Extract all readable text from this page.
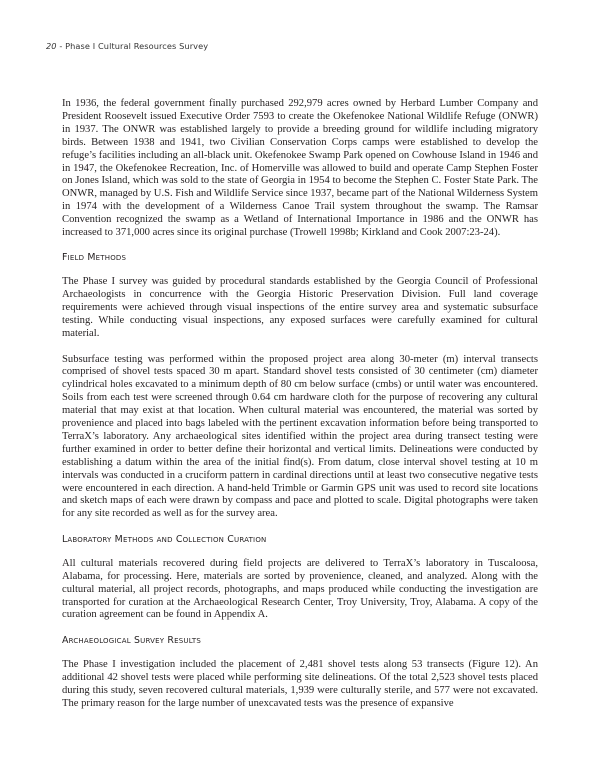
20 - Phase I Cultural Resources Survey

In 1936, the federal government finally purchased 292,979 acres owned by Herbard Lumber Company and President Roosevelt issued Executive Order 7593 to create the Okefenokee National Wildlife Refuge (ONWR) in 1937. The ONWR was established largely to provide a breeding ground for wildlife including migratory birds. Between 1938 and 1941, two Civilian Conservation Corps camps were established to develop the refuge’s facilities including an all-black unit. Okefenokee Swamp Park opened on Cowhouse Island in 1946 and in 1947, the Okefenokee Recreation, Inc. of Homerville was allowed to build and operate Camp Stephen Foster on Jones Island, which was sold to the state of Georgia in 1954 to become the Stephen C. Foster State Park. The ONWR, managed by U.S. Fish and Wildlife Service since 1937, became part of the National Wilderness System in 1974 with the development of a Wilderness Canoe Trail system throughout the swamp. The Ramsar Convention recognized the swamp as a Wetland of International Importance in 1986 and the ONWR has increased to 371,000 acres since its original purchase (Trowell 1998b; Kirkland and Cook 2007:23-24).

Field Methods

The Phase I survey was guided by procedural standards established by the Georgia Council of Professional Archaeologists in concurrence with the Georgia Historic Preservation Division. Full land coverage requirements were achieved through visual inspections of the entire survey area and systematic subsurface testing. While conducting visual inspections, any exposed surfaces were carefully examined for cultural material.

Subsurface testing was performed within the proposed project area along 30-meter (m) interval transects comprised of shovel tests spaced 30 m apart. Standard shovel tests consisted of 30 centimeter (cm) diameter cylindrical holes excavated to a minimum depth of 80 cm below surface (cmbs) or until water was encountered. Soils from each test were screened through 0.64 cm hardware cloth for the purpose of recovering any cultural material that may exist at that location. When cultural material was encountered, the material was sorted by provenience and placed into bags labeled with the pertinent excavation information before being transported to TerraX’s laboratory. Any archaeological sites identified within the project area during transect testing were further examined in order to better define their horizontal and vertical limits. Delineations were conducted by establishing a datum within the area of the initial find(s). From datum, close interval shovel testing at 10 m intervals was conducted in a cruciform pattern in cardinal directions until at least two consecutive negative tests were encountered in each direction. A hand-held Trimble or Garmin GPS unit was used to record site locations and sketch maps of each were drawn by compass and pace and plotted to scale. Digital photographs were taken for any site recorded as well as for the survey area.

Laboratory Methods and Collection Curation

All cultural materials recovered during field projects are delivered to TerraX’s laboratory in Tuscaloosa, Alabama, for processing. Here, materials are sorted by provenience, cleaned, and analyzed. Along with the cultural material, all project records, photographs, and maps produced while conducting the investigation are transported for curation at the Archaeological Research Center, Troy University, Troy, Alabama. A copy of the curation agreement can be found in Appendix A.

Archaeological Survey Results

The Phase I investigation included the placement of 2,481 shovel tests along 53 transects (Figure 12). An additional 42 shovel tests were placed while performing site delineations. Of the total 2,523 shovel tests placed during this study, seven recovered cultural materials, 1,939 were culturally sterile, and 577 were not excavated. The primary reason for the large number of unexcavated tests was the presence of expansive
